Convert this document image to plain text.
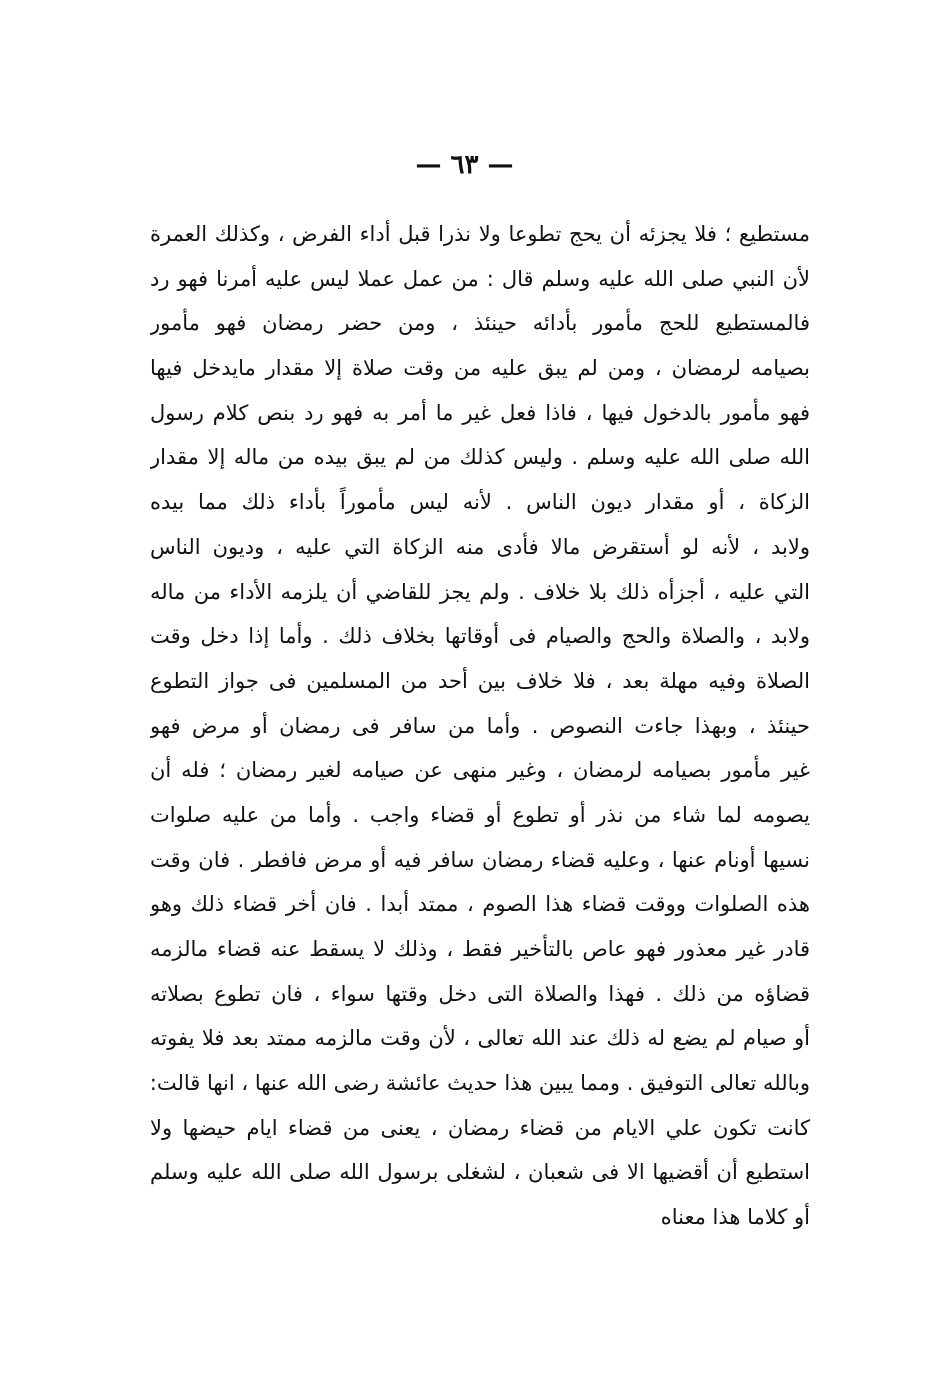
— ٦٣ —
مستطيع ؛ فلا يجزئه أن يحج تطوعا ولا نذرا قبل أداء الفرض ، وكذلك العمرة
لأن النبي صلى الله عليه وسلم قال : من عمل عملا ليس عليه أمرنا فهو رد
فالمستطيع للحج مأمور بأدائه حينئذ ، ومن حضر رمضان فهو مأمور
بصيامه لرمضان ، ومن لم يبق عليه من وقت صلاة إلا مقدار مايدخل فيها
فهو مأمور بالدخول فيها ، فاذا فعل غير ما أمر به فهو رد بنص كلام رسول
الله صلى الله عليه وسلم . وليس كذلك من لم يبق بيده من ماله إلا مقدار
الزكاة ، أو مقدار ديون الناس . لأنه ليس مأموراً بأداء ذلك مما بيده
ولابد ، لأنه لو أستقرض مالا فأدى منه الزكاة التي عليه ، وديون الناس
التي عليه ، أجزأه ذلك بلا خلاف . ولم يجز للقاضي أن يلزمه الأداء من ماله
ولابد ، والصلاة والحج والصيام فى أوقاتها بخلاف ذلك . وأما إذا دخل وقت
الصلاة وفيه مهلة بعد ، فلا خلاف بين أحد من المسلمين فى جواز التطوع
حينئذ ، وبهذا جاءت النصوص . وأما من سافر فى رمضان أو مرض فهو
غير مأمور بصيامه لرمضان ، وغير منهى عن صيامه لغير رمضان ؛ فله أن
يصومه لما شاء من نذر أو تطوع أو قضاء واجب . وأما من عليه صلوات
نسيها أونام عنها ، وعليه قضاء رمضان سافر فيه أو مرض فافطر . فان وقت
هذه الصلوات ووقت قضاء هذا الصوم ، ممتد أبدا . فان أخر قضاء ذلك وهو
قادر غير معذور فهو عاص بالتأخير فقط ، وذلك لا يسقط عنه قضاء مالزمه
قضاؤه من ذلك . فهذا والصلاة التى دخل وقتها سواء ، فان تطوع بصلاته
أو صيام لم يضع له ذلك عند الله تعالى ، لأن وقت مالزمه ممتد بعد فلا يفوته
وبالله تعالى التوفيق . ومما يبين هذا حديث عائشة رضى الله عنها ، انها قالت:
كانت تكون علي الايام من قضاء رمضان ، يعنى من قضاء ايام حيضها ولا
استطيع أن أقضيها الا فى شعبان ، لشغلى برسول الله صلى الله عليه وسلم
أو كلاما هذا معناه
